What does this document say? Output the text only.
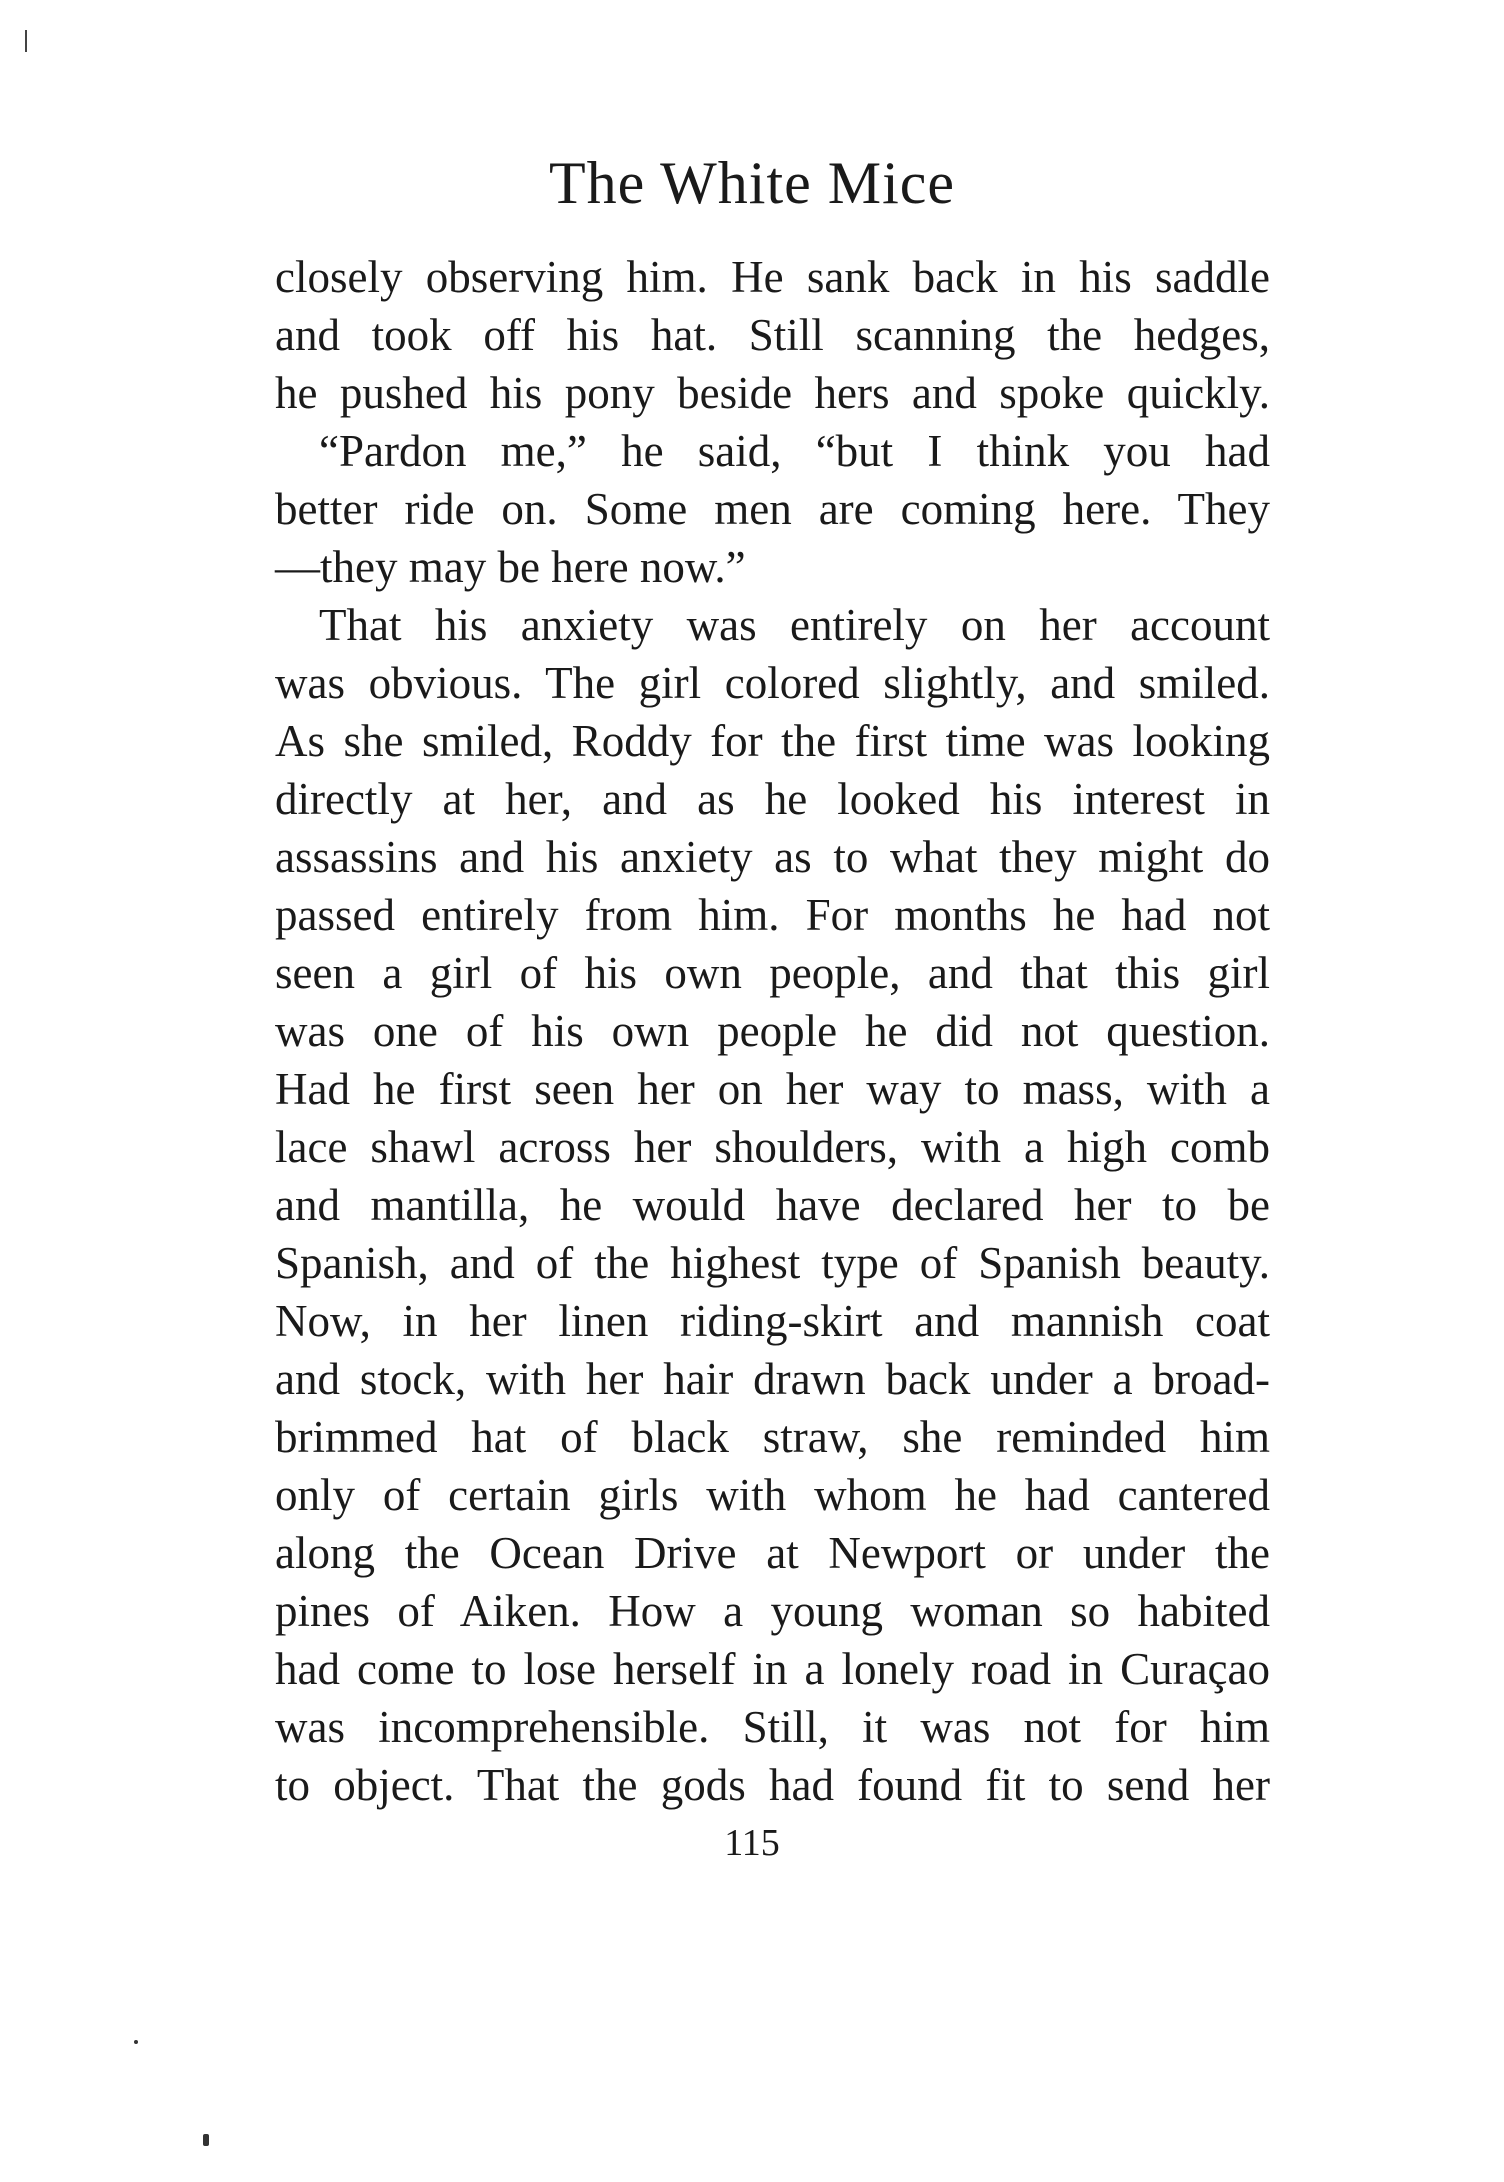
The White Mice
closely observing him. He sank back in his saddle
and took off his hat. Still scanning the hedges,
he pushed his pony beside hers and spoke quickly.
“Pardon me,” he said, “but I think you had
better ride on. Some men are coming here. They
—they may be here now.”
That his anxiety was entirely on her account
was obvious. The girl colored slightly, and smiled.
As she smiled, Roddy for the first time was looking
directly at her, and as he looked his interest in
assassins and his anxiety as to what they might do
passed entirely from him. For months he had not
seen a girl of his own people, and that this girl
was one of his own people he did not question.
Had he first seen her on her way to mass, with a
lace shawl across her shoulders, with a high comb
and mantilla, he would have declared her to be
Spanish, and of the highest type of Spanish beauty.
Now, in her linen riding-skirt and mannish coat
and stock, with her hair drawn back under a broad-
brimmed hat of black straw, she reminded him
only of certain girls with whom he had cantered
along the Ocean Drive at Newport or under the
pines of Aiken. How a young woman so habited
had come to lose herself in a lonely road in Curaçao
was incomprehensible. Still, it was not for him
to object. That the gods had found fit to send her
115
